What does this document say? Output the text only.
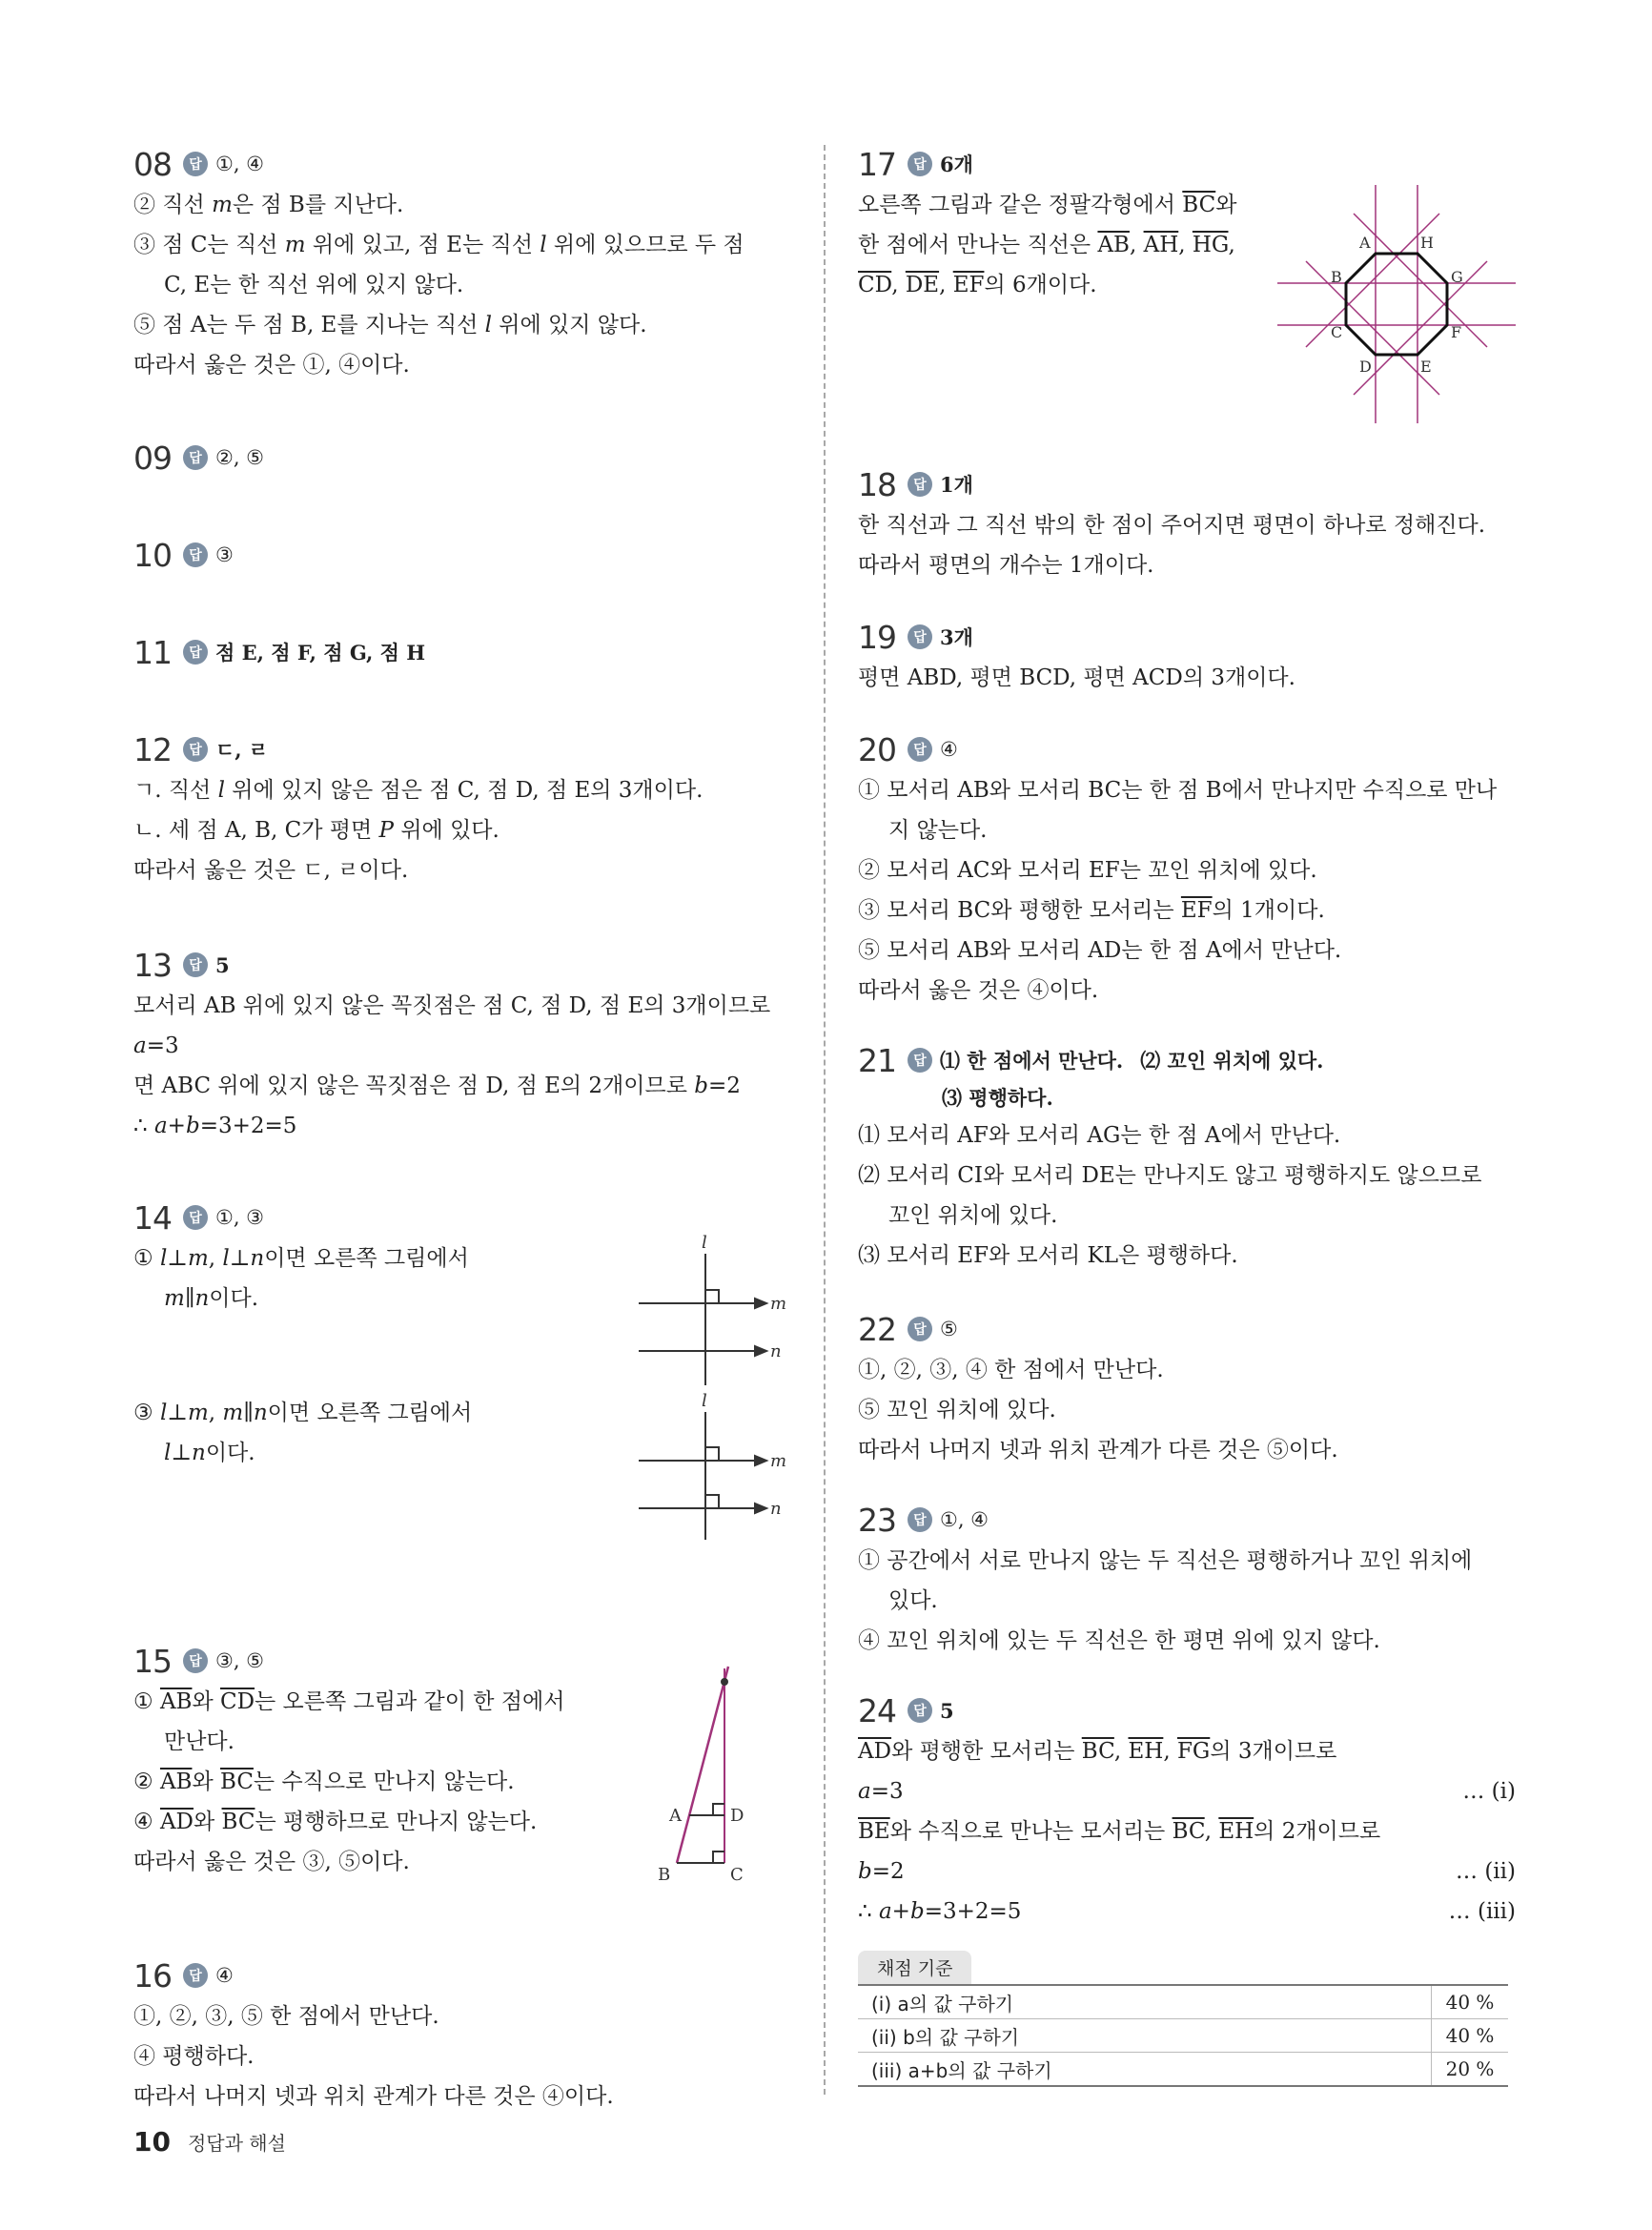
08	답 ①, ④
② 직선 m은 점 B를 지난다.
③ 점 C는 직선 m 위에 있고, 점 E는 직선 l 위에 있으므로 두 점
C, E는 한 직선 위에 있지 않다.
⑤ 점 A는 두 점 B, E를 지나는 직선 l 위에 있지 않다.
따라서 옳은 것은 ①, ④이다.
09	답 ②, ⑤
10	답 ③
11	답 점 E, 점 F, 점 G, 점 H
12	답 ㄷ, ㄹ
ㄱ. 직선 l 위에 있지 않은 점은 점 C, 점 D, 점 E의 3개이다.
ㄴ. 세 점 A, B, C가 평면 P 위에 있다.
따라서 옳은 것은 ㄷ, ㄹ이다.
13	답 5
모서리 AB 위에 있지 않은 꼭짓점은 점 C, 점 D, 점 E의 3개이므로
a=3
면 ABC 위에 있지 않은 꼭짓점은 점 D, 점 E의 2개이므로 b=2
∴ a+b=3+2=5
14	답 ①, ③
① l⊥m, l⊥n이면 오른쪽 그림에서
m∥n이다.
③ l⊥m, m∥n이면 오른쪽 그림에서
l⊥n이다.
l
m
n
l
m
n
15	답 ③, ⑤
① $\overline{AB}$와 $\overline{CD}$는 오른쪽 그림과 같이 한 점에서
만난다.
② $\overline{AB}$와 $\overline{BC}$는 수직으로 만나지 않는다.
④ $\overline{AD}$와 $\overline{BC}$는 평행하므로 만나지 않는다.
따라서 옳은 것은 ③, ⑤이다.
A	D
B	C
16	답 ④
①, ②, ③, ⑤ 한 점에서 만난다.
④ 평행하다.
따라서 나머지 넷과 위치 관계가 다른 것은 ④이다.
17	답 6개
오른쪽 그림과 같은 정팔각형에서 $\overline{BC}$와
한 점에서 만나는 직선은 $\overline{AB}$, $\overline{AH}$, $\overline{HG}$,
$\overline{CD}$, $\overline{DE}$, $\overline{EF}$의 6개이다.
A	H
B	G
C	F
D	E
18	답 1개
한 직선과 그 직선 밖의 한 점이 주어지면 평면이 하나로 정해진다.
따라서 평면의 개수는 1개이다.
19	답 3개
평면 ABD, 평면 BCD, 평면 ACD의 3개이다.
20	답 ④
① 모서리 AB와 모서리 BC는 한 점 B에서 만나지만 수직으로 만나
지 않는다.
② 모서리 AC와 모서리 EF는 꼬인 위치에 있다.
③ 모서리 BC와 평행한 모서리는 $\overline{EF}$의 1개이다.
⑤ 모서리 AB와 모서리 AD는 한 점 A에서 만난다.
따라서 옳은 것은 ④이다.
21	답 ⑴ 한 점에서 만난다. ⑵ 꼬인 위치에 있다.
⑶ 평행하다.
⑴ 모서리 AF와 모서리 AG는 한 점 A에서 만난다.
⑵ 모서리 CI와 모서리 DE는 만나지도 않고 평행하지도 않으므로
꼬인 위치에 있다.
⑶ 모서리 EF와 모서리 KL은 평행하다.
22	답 ⑤
①, ②, ③, ④ 한 점에서 만난다.
⑤ 꼬인 위치에 있다.
따라서 나머지 넷과 위치 관계가 다른 것은 ⑤이다.
23	답 ①, ④
① 공간에서 서로 만나지 않는 두 직선은 평행하거나 꼬인 위치에
있다.
④ 꼬인 위치에 있는 두 직선은 한 평면 위에 있지 않다.
24	답 5
$\overline{AD}$와 평행한 모서리는 $\overline{BC}$, $\overline{EH}$, $\overline{FG}$의 3개이므로
a=3	… (i)
$\overline{BE}$와 수직으로 만나는 모서리는 $\overline{BC}$, $\overline{EH}$의 2개이므로
b=2	… (ii)
∴ a+b=3+2=5	… (iii)
채점 기준
(i) a의 값 구하기	40 %
(ii) b의 값 구하기	40 %
(iii) a+b의 값 구하기	20 %
10 정답과 해설
